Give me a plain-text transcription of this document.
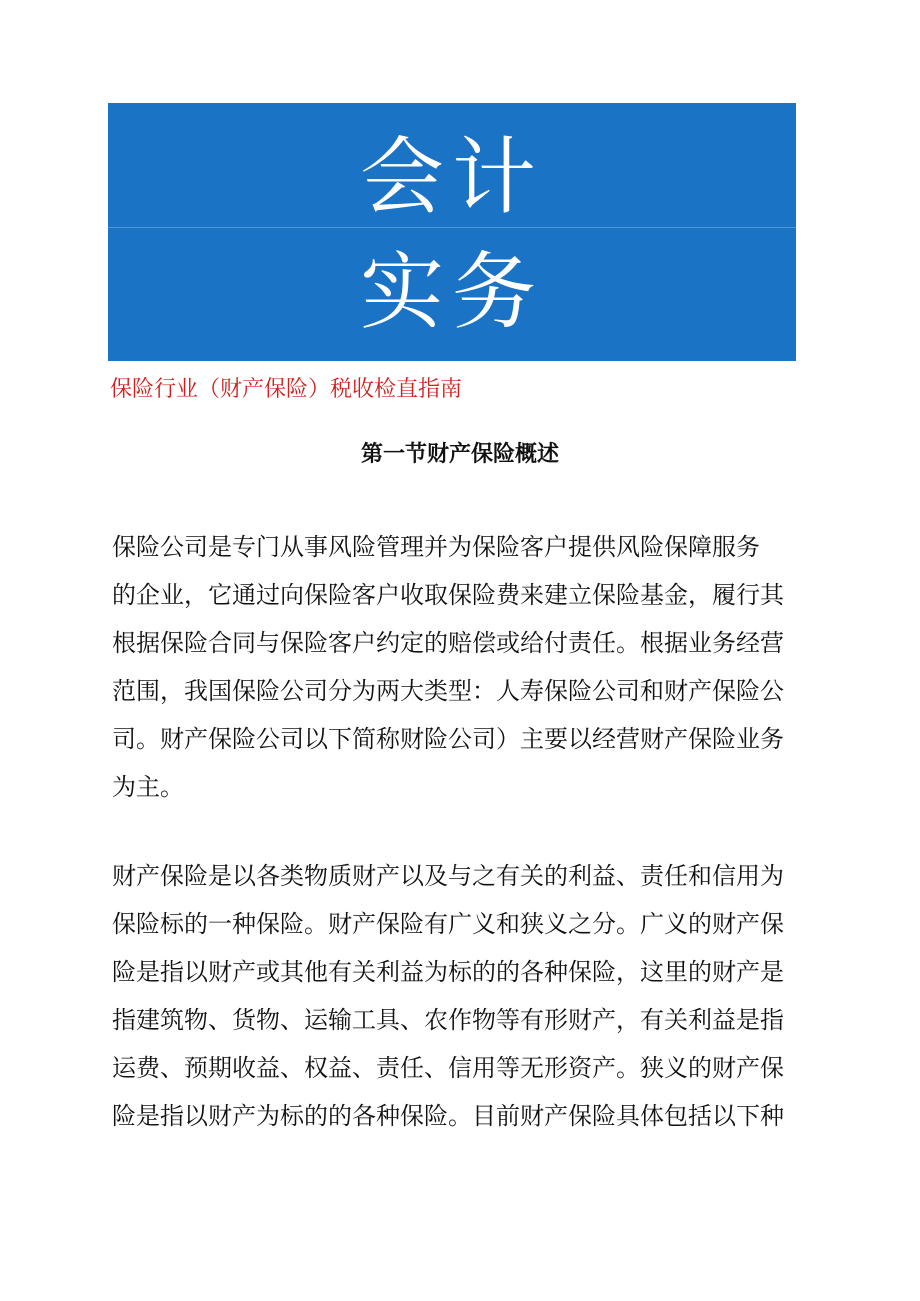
会计
实务
保险行业（财产保险）税收检直指南
第一节财产保险概述
保险公司是专门从事风险管理并为保险客户提供风险保障服务
的企业，它通过向保险客户收取保险费来建立保险基金，履行其
根据保险合同与保险客户约定的赔偿或给付责任。根据业务经营
范围，我国保险公司分为两大类型：人寿保险公司和财产保险公
司。财产保险公司以下简称财险公司）主要以经营财产保险业务
为主。
财产保险是以各类物质财产以及与之有关的利益、责任和信用为
保险标的一种保险。财产保险有广义和狭义之分。广义的财产保
险是指以财产或其他有关利益为标的的各种保险，这里的财产是
指建筑物、货物、运输工具、农作物等有形财产，有关利益是指
运费、预期收益、权益、责任、信用等无形资产。狭义的财产保
险是指以财产为标的的各种保险。目前财产保险具体包括以下种
